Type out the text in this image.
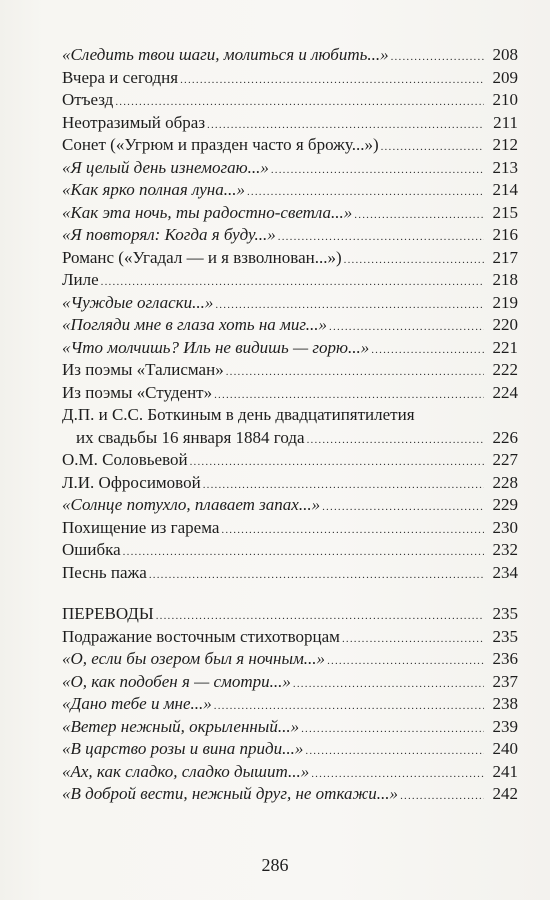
«Следить твои шаги, молиться и любить...» .....	208
Вчера и сегодня .....	209
Отъезд .....	210
Неотразимый образ .....	211
Сонет («Угрюм и празден часто я брожу...») .....	212
«Я целый день изнемогаю...» .....	213
«Как ярко полная луна...» .....	214
«Как эта ночь, ты радостно-светла...» .....	215
«Я повторял: Когда я буду...» .....	216
Романс («Угадал — и я взволнован...») .....	217
Лиле .....	218
«Чуждые огласки...» .....	219
«Погляди мне в глаза хоть на миг...» .....	220
«Что молчишь? Иль не видишь — горю...» .....	221
Из поэмы «Талисман» .....	222
Из поэмы «Студент» .....	224
Д.П. и С.С. Боткиным в день двадцатипятилетия
их свадьбы 16 января 1884 года .....	226
О.М. Соловьевой .....	227
Л.И. Офросимовой .....	228
«Солнце потухло, плавает запах...» .....	229
Похищение из гарема .....	230
Ошибка .....	232
Песнь пажа .....	234
ПЕРЕВОДЫ .....	235
Подражание восточным стихотворцам .....	235
«О, если бы озером был я ночным...» .....	236
«О, как подобен я — смотри...» .....	237
«Дано тебе и мне...» .....	238
«Ветер нежный, окрыленный...» .....	239
«В царство розы и вина приди...» .....	240
«Ах, как сладко, сладко дышит...» .....	241
«В доброй вести, нежный друг, не откажи...» .....	242
286
